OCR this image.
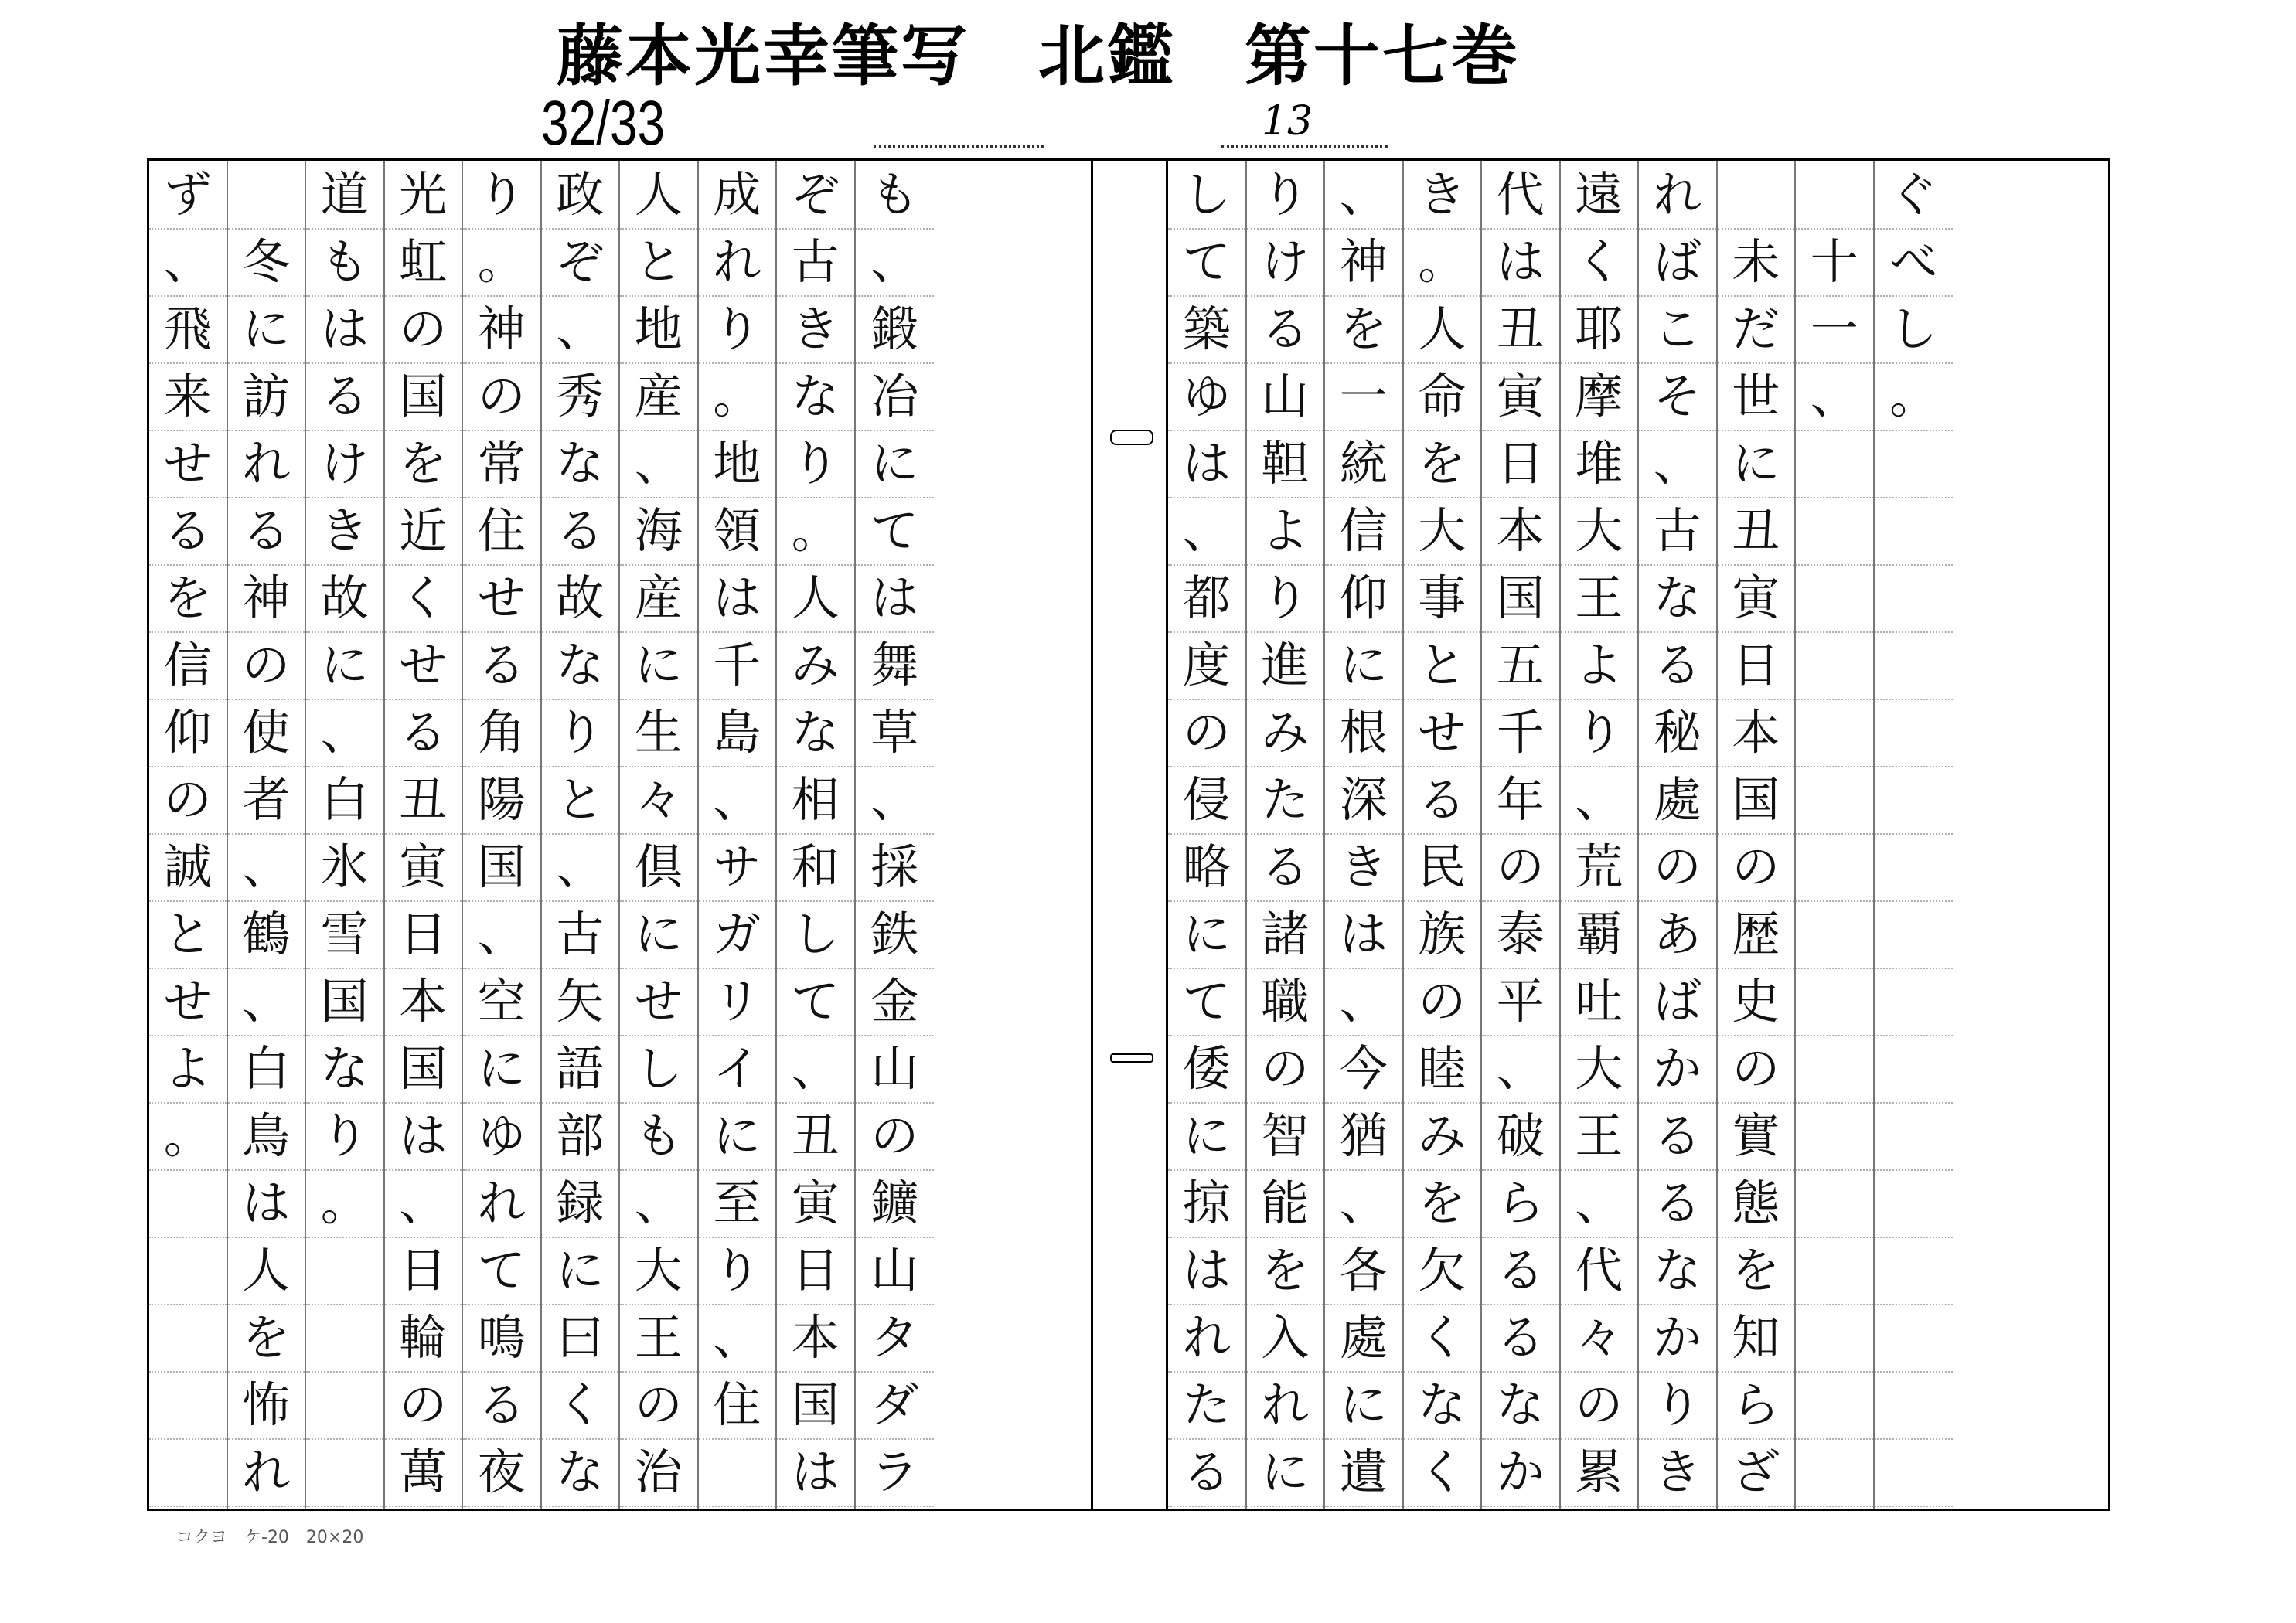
藤本光幸筆写　北鑑　第十七巻
32/33	13
ず
、
飛
来
せ
る
を
信
仰
の
誠
と
せ
よ
。

冬
に
訪
れ
る
神
の
使
者
、
鶴
、
白
鳥
は
人
を
怖
れ
道
も
は
る
け
き
故
に
、
白
氷
雪
国
な
り
。
光
虹
の
国
を
近
く
せ
る
丑
寅
日
本
国
は
、
日
輪
の
萬
り
。
神
の
常
住
せ
る
角
陽
国
、
空
に
ゆ
れ
て
鳴
る
夜
政
ぞ
、
秀
な
る
故
な
り
と
、
古
矢
語
部
録
に
曰
く
な
人
と
地
産
、
海
産
に
生
々
倶
に
せ
し
も
、
大
王
の
治
成
れ
り
。
地
領
は
千
島
、
サ
ガ
リ
イ
に
至
り
、
住
ぞ
古
き
な
り
。
人
み
な
相
和
し
て
、
丑
寅
日
本
国
は
も
、
鍛
冶
に
て
は
舞
草
、
採
鉄
金
山
の
鑛
山
タ
ダ
ラ
し
て
築
ゆ
は
、
都
度
の
侵
略
に
て
倭
に
掠
は
れ
た
る
り
け
る
山
靼
よ
り
進
み
た
る
諸
職
の
智
能
を
入
れ
に
、
神
を
一
統
信
仰
に
根
深
き
は
、
今
猶
、
各
處
に
遺
き
。
人
命
を
大
事
と
せ
る
民
族
の
睦
み
を
欠
く
な
く
代
は
丑
寅
日
本
国
五
千
年
の
泰
平
、
破
ら
る
る
な
か
遠
く
耶
摩
堆
大
王
よ
り
、
荒
覇
吐
大
王
、
代
々
の
累
れ
ば
こ
そ
、
古
な
る
秘
處
の
あ
ば
か
る
る
な
か
り
き

未
だ
世
に
丑
寅
日
本
国
の
歴
史
の
實
態
を
知
ら
ざ

十
一
、
ぐ
べ
し
。
コクヨ　ケ-20　20×20
